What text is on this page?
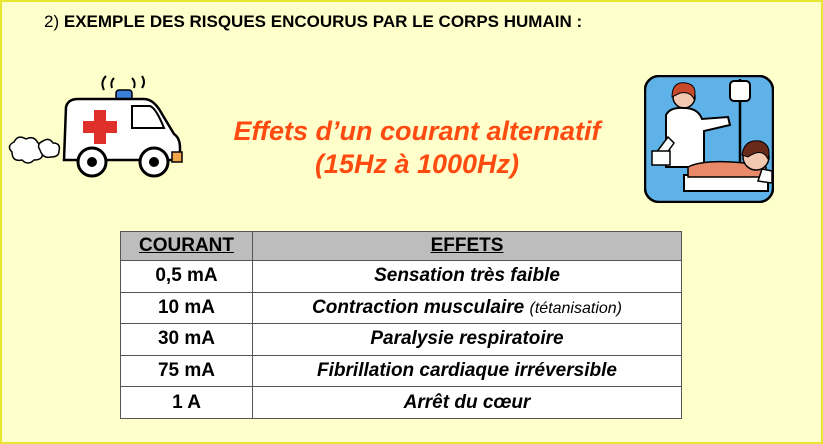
2) EXEMPLE DES RISQUES ENCOURUS PAR LE CORPS HUMAIN :
Effets d’un courant alternatif
(15Hz à 1000Hz)
COURANT	EFFETS
0,5 mA	Sensation très faible
10 mA	Contraction musculaire (tétanisation)
30 mA	Paralysie respiratoire
75 mA	Fibrillation cardiaque irréversible
1 A	Arrêt du cœur
